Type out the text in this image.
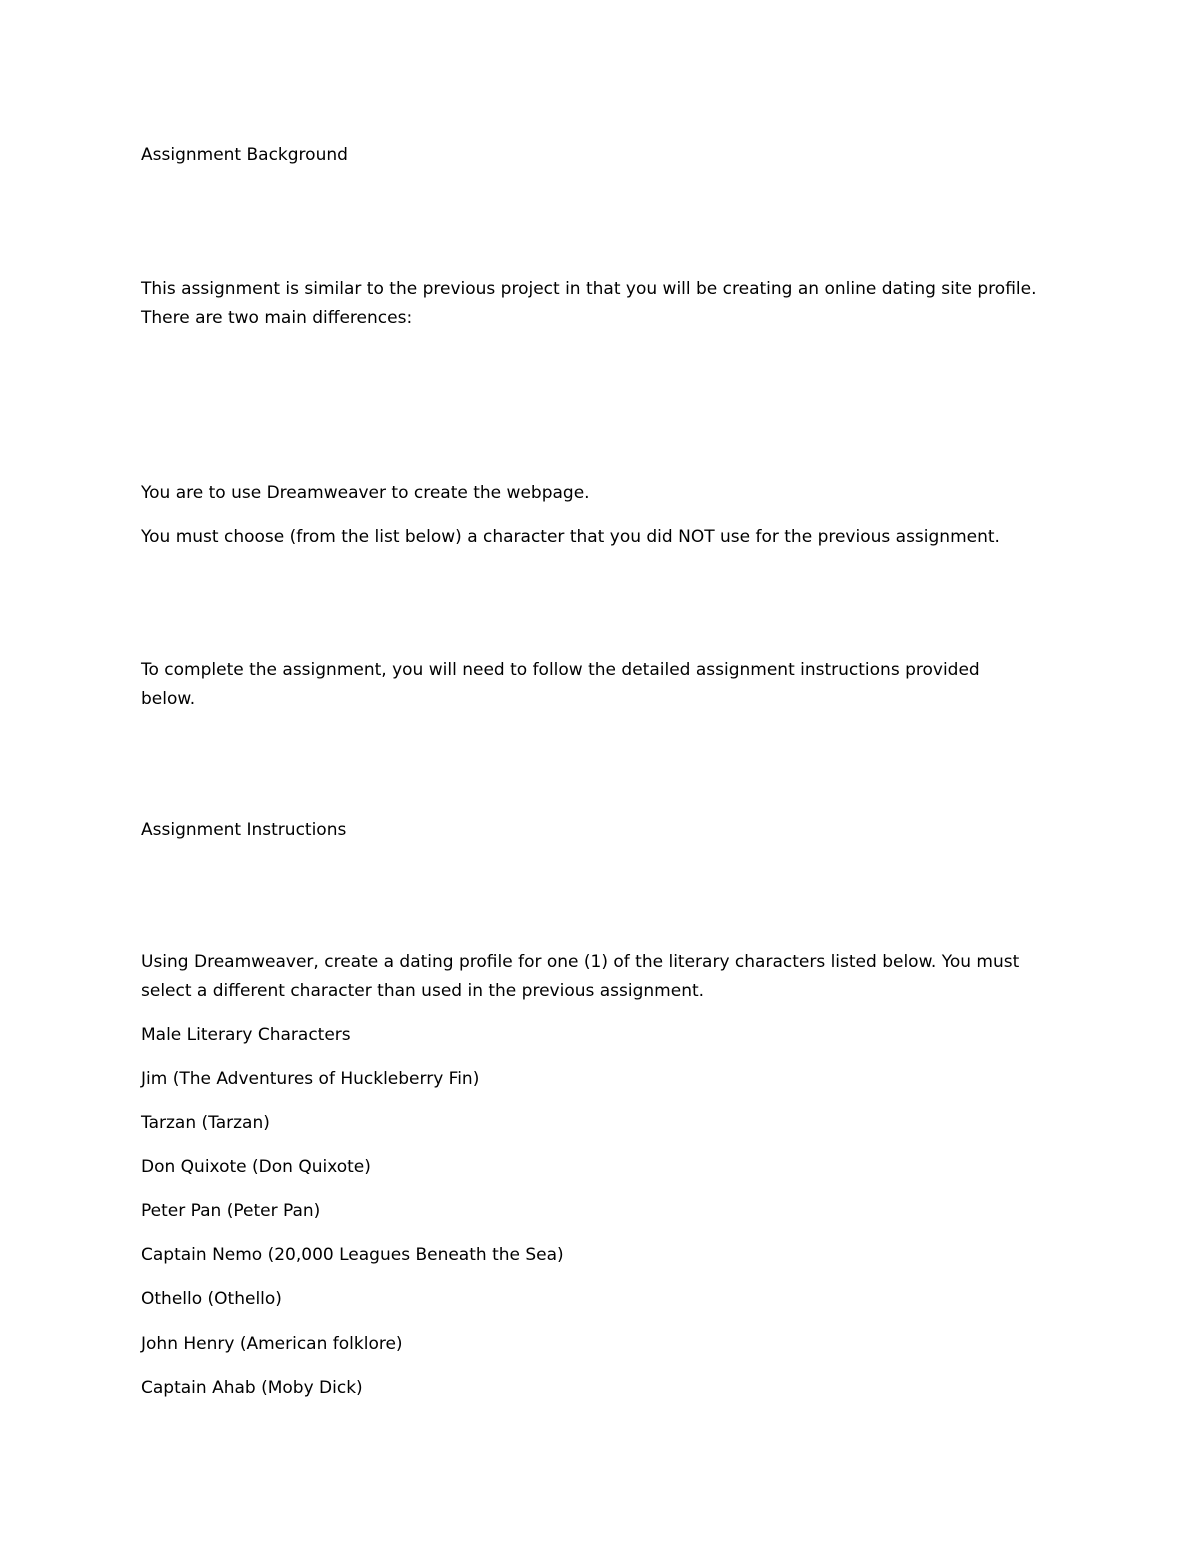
Assignment Background

This assignment is similar to the previous project in that you will be creating an online dating site profile. There are two main differences:

You are to use Dreamweaver to create the webpage.

You must choose (from the list below) a character that you did NOT use for the previous assignment.

To complete the assignment, you will need to follow the detailed assignment instructions provided below.

Assignment Instructions

Using Dreamweaver, create a dating profile for one (1) of the literary characters listed below. You must select a different character than used in the previous assignment.

Male Literary Characters

Jim (The Adventures of Huckleberry Fin)

Tarzan (Tarzan)

Don Quixote (Don Quixote)

Peter Pan (Peter Pan)

Captain Nemo (20,000 Leagues Beneath the Sea)

Othello (Othello)

John Henry (American folklore)

Captain Ahab (Moby Dick)
